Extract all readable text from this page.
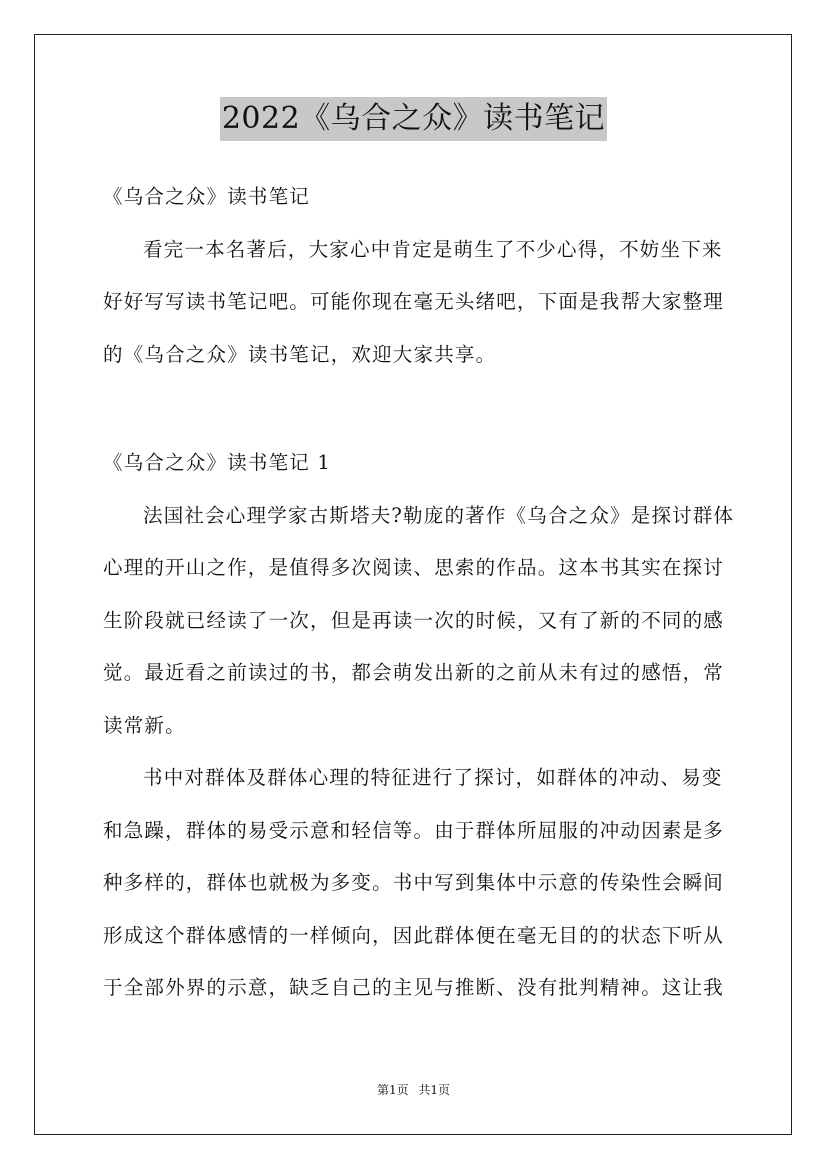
2022《乌合之众》读书笔记
《乌合之众》读书笔记
看完一本名著后，大家心中肯定是萌生了不少心得，不妨坐下来
好好写写读书笔记吧。可能你现在毫无头绪吧，下面是我帮大家整理
的《乌合之众》读书笔记，欢迎大家共享。
《乌合之众》读书笔记 1
法国社会心理学家古斯塔夫?勒庞的著作《乌合之众》是探讨群体
心理的开山之作，是值得多次阅读、思索的作品。这本书其实在探讨
生阶段就已经读了一次，但是再读一次的时候，又有了新的不同的感
觉。最近看之前读过的书，都会萌发出新的之前从未有过的感悟，常
读常新。
书中对群体及群体心理的特征进行了探讨，如群体的冲动、易变
和急躁，群体的易受示意和轻信等。由于群体所屈服的冲动因素是多
种多样的，群体也就极为多变。书中写到集体中示意的传染性会瞬间
形成这个群体感情的一样倾向，因此群体便在毫无目的的状态下听从
于全部外界的示意，缺乏自己的主见与推断、没有批判精神。这让我
第1页 共1页
